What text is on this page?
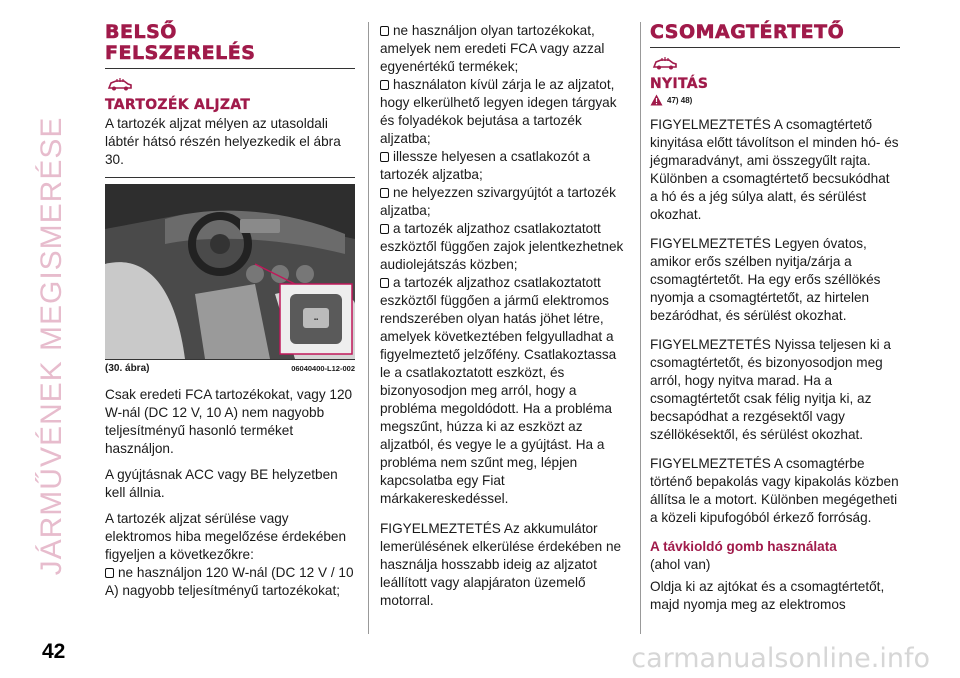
JÁRMŰVÉNEK MEGISMERÉSE
42	carmanualsonline.info
BELSŐ
FELSZERELÉS
TARTOZÉK ALJZAT

A tartozék aljzat mélyen az utasoldali lábtér hátsó részén helyezkedik el ábra 30.

▪▪
(30. ábra)	06040400-L12-002

Csak eredeti FCA tartozékokat, vagy 120 W-nál (DC 12 V, 10 A) nem nagyobb teljesítményű hasonló terméket használjon.

A gyújtásnak ACC vagy BE helyzetben kell állnia.

A tartozék aljzat sérülése vagy elektromos hiba megelőzése érdekében figyeljen a következőkre:

ne használjon 120 W-nál (DC 12 V / 10 A) nagyobb teljesítményű tartozékokat;

ne használjon olyan tartozékokat, amelyek nem eredeti FCA vagy azzal egyenértékű termékek;

használaton kívül zárja le az aljzatot, hogy elkerülhető legyen idegen tárgyak és folyadékok bejutása a tartozék aljzatba;

illessze helyesen a csatlakozót a tartozék aljzatba;

ne helyezzen szivargyújtót a tartozék aljzatba;

a tartozék aljzathoz csatlakoztatott eszköztől függően zajok jelentkezhetnek audiolejátszás közben;

a tartozék aljzathoz csatlakoztatott eszköztől függően a jármű elektromos rendszerében olyan hatás jöhet létre, amelyek következtében felgyulladhat a figyelmeztető jelzőfény. Csatlakoztassa le a csatlakoztatott eszközt, és bizonyosodjon meg arról, hogy a probléma megoldódott. Ha a probléma megszűnt, húzza ki az eszközt az aljzatból, és vegye le a gyújtást. Ha a probléma nem szűnt meg, lépjen kapcsolatba egy Fiat márkakereskedéssel.

FIGYELMEZTETÉS Az akkumulátor lemerülésének elkerülése érdekében ne használja hosszabb ideig az aljzatot leállított vagy alapjáraton üzemelő motorral.

CSOMAGTÉRTETŐ
NYITÁS
47) 48)

FIGYELMEZTETÉS A csomagtértető kinyitása előtt távolítson el minden hó- és jégmaradványt, ami összegyűlt rajta. Különben a csomagtértető becsukódhat a hó és a jég súlya alatt, és sérülést okozhat.

FIGYELMEZTETÉS Legyen óvatos, amikor erős szélben nyitja/zárja a csomagtértetőt. Ha egy erős széllökés nyomja a csomagtértetőt, az hirtelen bezáródhat, és sérülést okozhat.

FIGYELMEZTETÉS Nyissa teljesen ki a csomagtértetőt, és bizonyosodjon meg arról, hogy nyitva marad. Ha a csomagtértetőt csak félig nyitja ki, az becsapódhat a rezgésektől vagy széllökésektől, és sérülést okozhat.

FIGYELMEZTETÉS A csomagtérbe történő bepakolás vagy kipakolás közben állítsa le a motort. Különben megégetheti a közeli kipufogóból érkező forróság.

A távkioldó gomb használata

(ahol van)

Oldja ki az ajtókat és a csomagtértetőt, majd nyomja meg az elektromos
